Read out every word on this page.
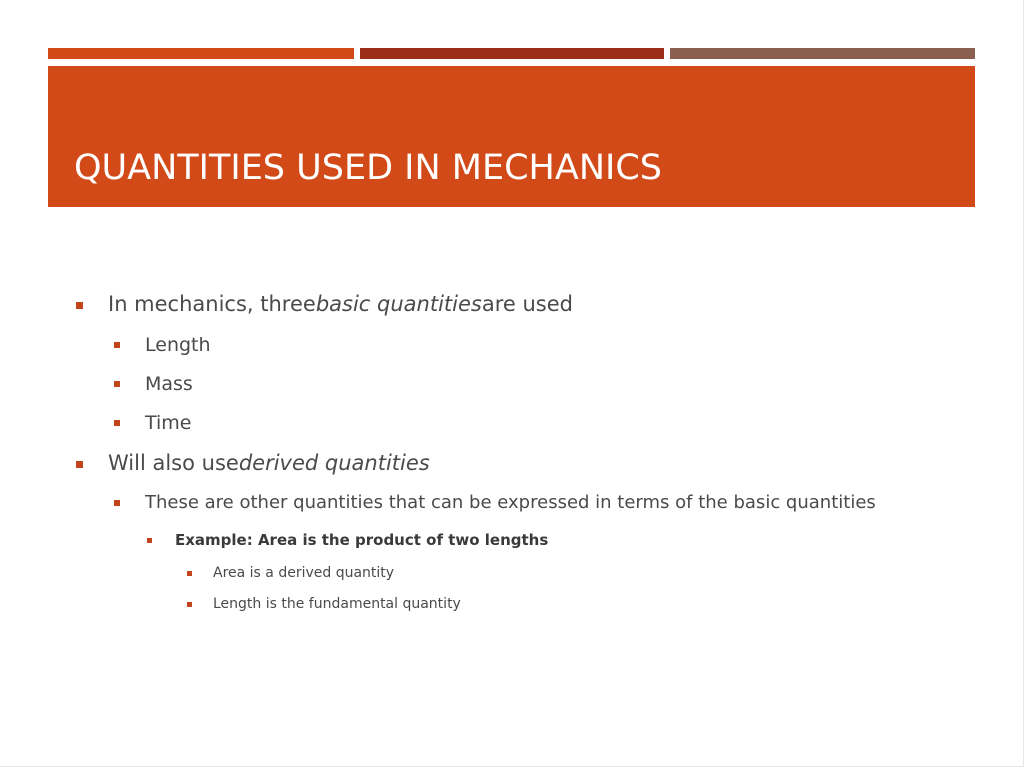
QUANTITIES USED IN MECHANICS
In mechanics, threebasic quantitiesare used
Length
Mass
Time
Will also usederived quantities
These are other quantities that can be expressed in terms of the basic quantities
Example: Area is the product of two lengths
Area is a derived quantity
Length is the fundamental quantity
